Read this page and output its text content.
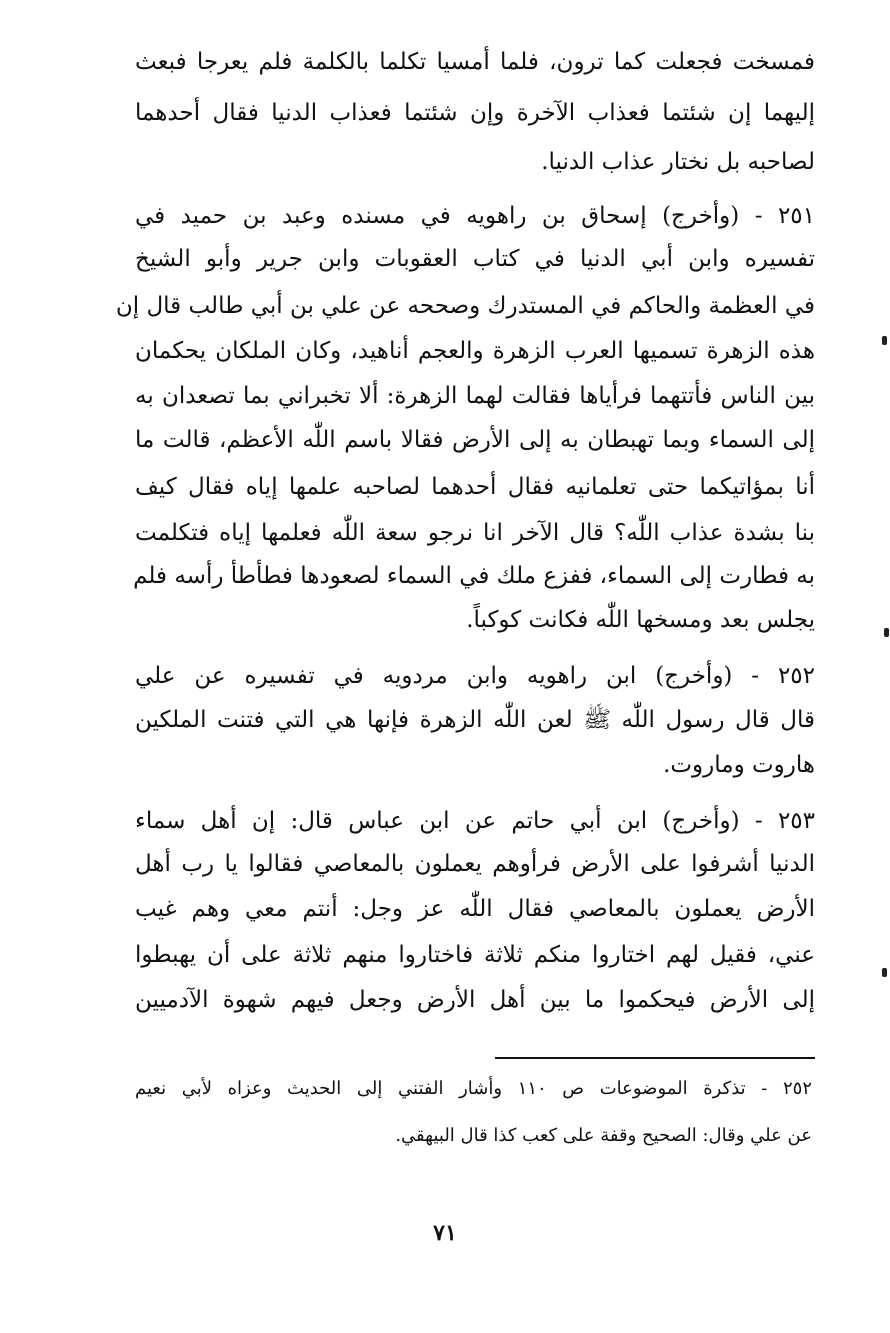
فمسخت فجعلت كما ترون، فلما أمسيا تكلما بالكلمة فلم يعرجا فبعث
إليهما إن شئتما فعذاب الآخرة وإن شئتما فعذاب الدنيا فقال أحدهما
لصاحبه بل نختار عذاب الدنيا.
٢٥١ - (وأخرج) إسحاق بن راهويه في مسنده وعبد بن حميد في
تفسيره وابن أبي الدنيا في كتاب العقوبات وابن جرير وأبو الشيخ
في العظمة والحاكم في المستدرك وصححه عن علي بن أبي طالب قال إن
هذه الزهرة تسميها العرب الزهرة والعجم أناهيد، وكان الملكان يحكمان
بين الناس فأتتهما فرأياها فقالت لهما الزهرة: ألا تخبراني بما تصعدان به
إلى السماء وبما تهبطان به إلى الأرض فقالا باسم اللّٰه الأعظم، قالت ما
أنا بمؤاتيكما حتى تعلمانيه فقال أحدهما لصاحبه علمها إياه فقال كيف
بنا بشدة عذاب اللّٰه؟ قال الآخر انا نرجو سعة اللّٰه فعلمها إياه فتكلمت
به فطارت إلى السماء، ففزع ملك في السماء لصعودها فطأطأ رأسه فلم
يجلس بعد ومسخها اللّٰه فكانت كوكباً.
٢٥٢ - (وأخرج) ابن راهويه وابن مردويه في تفسيره عن علي
قال قال رسول اللّٰه ﷺ لعن اللّٰه الزهرة فإنها هي التي فتنت الملكين
هاروت وماروت.
٢٥٣ - (وأخرج) ابن أبي حاتم عن ابن عباس قال: إن أهل سماء
الدنيا أشرفوا على الأرض فرأوهم يعملون بالمعاصي فقالوا يا رب أهل
الأرض يعملون بالمعاصي فقال اللّٰه عز وجل: أنتم معي وهم غيب
عني، فقيل لهم اختاروا منكم ثلاثة فاختاروا منهم ثلاثة على أن يهبطوا
إلى الأرض فيحكموا ما بين أهل الأرض وجعل فيهم شهوة الآدميين
٢٥٢ - تذكرة الموضوعات ص ١١٠ وأشار الفتني إلى الحديث وعزاه لأبي نعيم
عن علي وقال: الصحيح وقفة على كعب كذا قال البيهقي.
٧١
